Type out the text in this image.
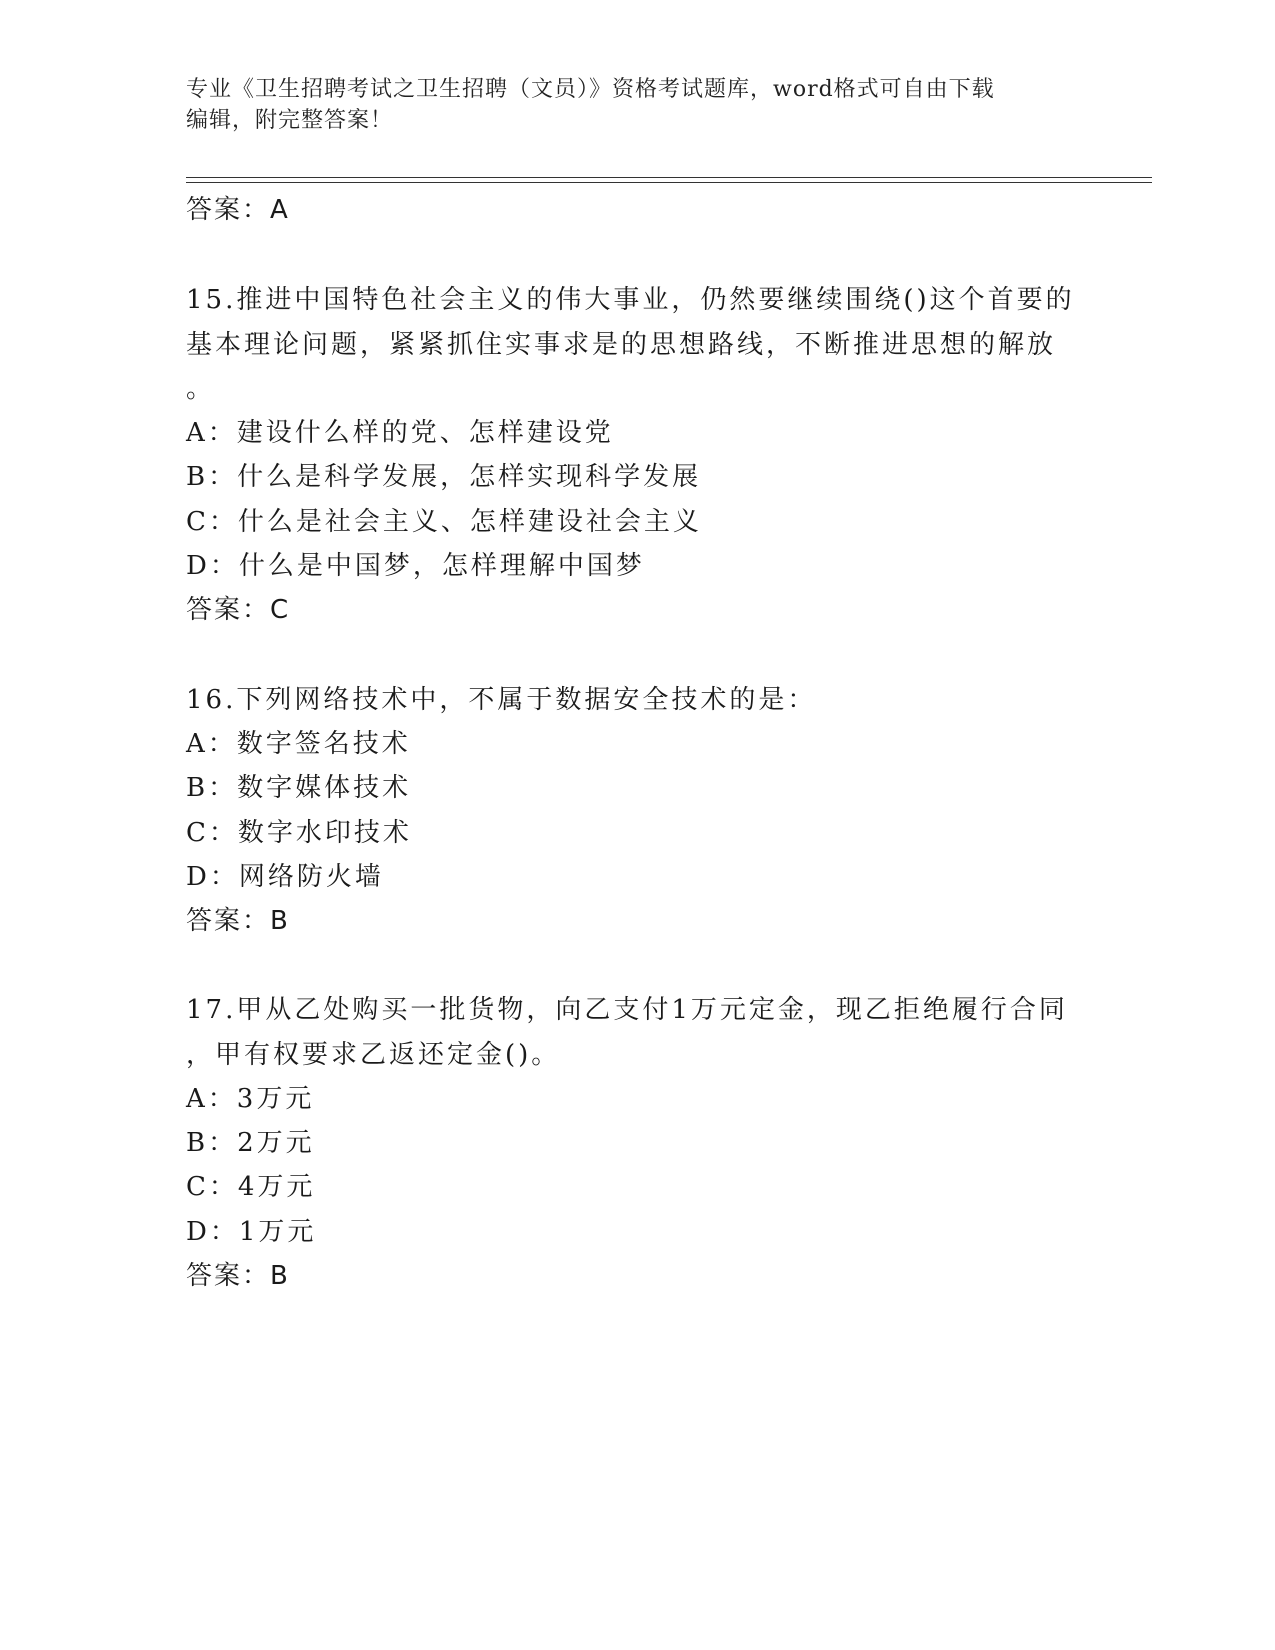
专业《卫生招聘考试之卫生招聘（文员）》资格考试题库，word格式可自由下载
编辑，附完整答案！
答案：A
15.推进中国特色社会主义的伟大事业，仍然要继续围绕()这个首要的
基本理论问题，紧紧抓住实事求是的思想路线，不断推进思想的解放
。
A：建设什么样的党、怎样建设党
B：什么是科学发展，怎样实现科学发展
C：什么是社会主义、怎样建设社会主义
D：什么是中国梦，怎样理解中国梦
答案：C
16.下列网络技术中，不属于数据安全技术的是：
A：数字签名技术
B：数字媒体技术
C：数字水印技术
D：网络防火墙
答案：B
17.甲从乙处购买一批货物，向乙支付1万元定金，现乙拒绝履行合同
，甲有权要求乙返还定金()。
A：3万元
B：2万元
C：4万元
D：1万元
答案：B
